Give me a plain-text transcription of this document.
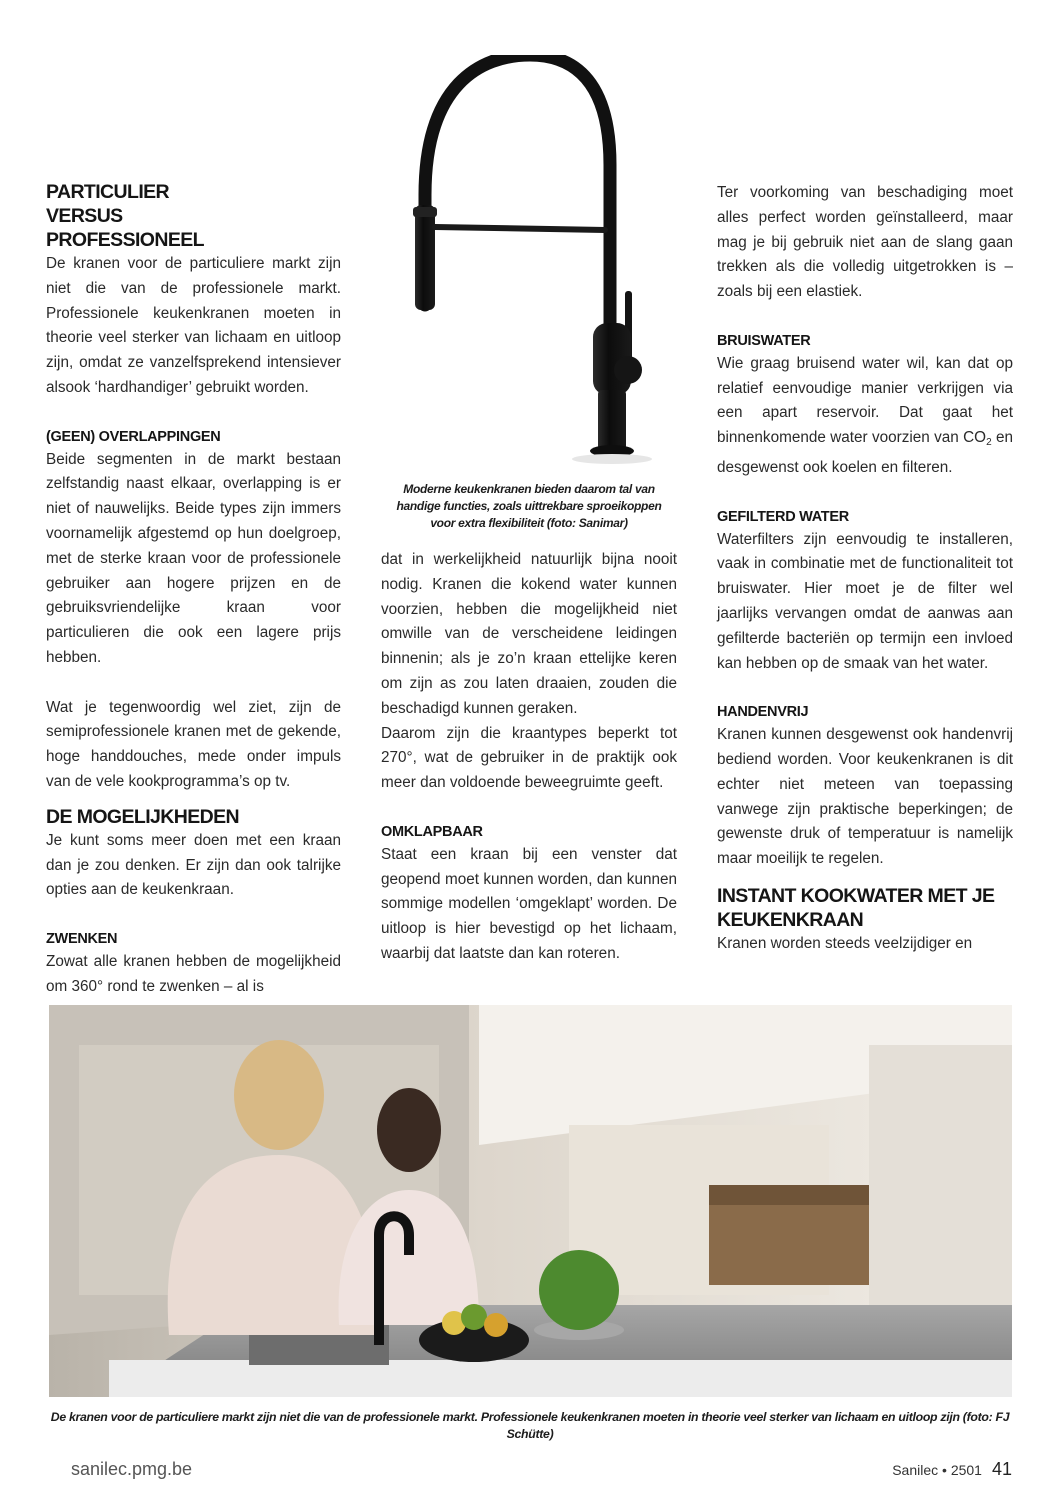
PARTICULIER VERSUS PROFESSIONEEL

De kranen voor de particuliere markt zijn niet die van de professionele markt. Professionele keukenkranen moeten in theorie veel sterker van lichaam en uitloop zijn, omdat ze vanzelfsprekend intensiever alsook ‘hardhandiger’ gebruikt worden.

(GEEN) OVERLAPPINGEN

Beide segmenten in de markt bestaan zelfstandig naast elkaar, overlapping is er niet of nauwelijks. Beide types zijn immers voornamelijk afgestemd op hun doelgroep, met de sterke kraan voor de professionele gebruiker aan hogere prijzen en de gebruiksvriendelijke kraan voor particulieren die ook een lagere prijs hebben.

Wat je tegenwoordig wel ziet, zijn de semiprofessionele kranen met de gekende, hoge handdouches, mede onder impuls van de vele kookprogramma’s op tv.

DE MOGELIJKHEDEN

Je kunt soms meer doen met een kraan dan je zou denken. Er zijn dan ook talrijke opties aan de keukenkraan.

ZWENKEN

Zowat alle kranen hebben de mogelijkheid om 360° rond te zwenken – al is

Moderne keukenkranen bieden daarom tal van handige functies, zoals uittrekbare sproeikoppen voor extra flexibiliteit (foto: Sanimar)

dat in werkelijkheid natuurlijk bijna nooit nodig. Kranen die kokend water kunnen voorzien, hebben die mogelijkheid niet omwille van de verscheidene leidingen binnenin; als je zo’n kraan ettelijke keren om zijn as zou laten draaien, zouden die beschadigd kunnen geraken.

Daarom zijn die kraantypes beperkt tot 270°, wat de gebruiker in de praktijk ook meer dan voldoende beweegruimte geeft.

OMKLAPBAAR

Staat een kraan bij een venster dat geopend moet kunnen worden, dan kunnen sommige modellen ‘omgeklapt’ worden. De uitloop is hier bevestigd op het lichaam, waarbij dat laatste dan kan roteren.

Ter voorkoming van beschadiging moet alles perfect worden geïnstalleerd, maar mag je bij gebruik niet aan de slang gaan trekken als die volledig uitgetrokken is – zoals bij een elastiek.

BRUISWATER

Wie graag bruisend water wil, kan dat op relatief eenvoudige manier verkrijgen via een apart reservoir. Dat gaat het binnenkomende water voorzien van $CO_2$ en desgewenst ook koelen en filteren.

GEFILTERD WATER

Waterfilters zijn eenvoudig te installeren, vaak in combinatie met de functionaliteit tot bruiswater. Hier moet je de filter wel jaarlijks vervangen omdat de aanwas aan gefilterde bacteriën op termijn een invloed kan hebben op de smaak van het water.

HANDENVRIJ

Kranen kunnen desgewenst ook handenvrij bediend worden. Voor keukenkranen is dit echter niet meteen van toepassing vanwege zijn praktische beperkingen; de gewenste druk of temperatuur is namelijk maar moeilijk te regelen.

INSTANT KOOKWATER MET JE KEUKENKRAAN

Kranen worden steeds veelzijdiger en

De kranen voor de particuliere markt zijn niet die van de professionele markt. Professionele keukenkranen moeten in theorie veel sterker van lichaam en uitloop zijn (foto: FJ Schütte)

sanilec.pmg.be	Sanilec • 2501 41
